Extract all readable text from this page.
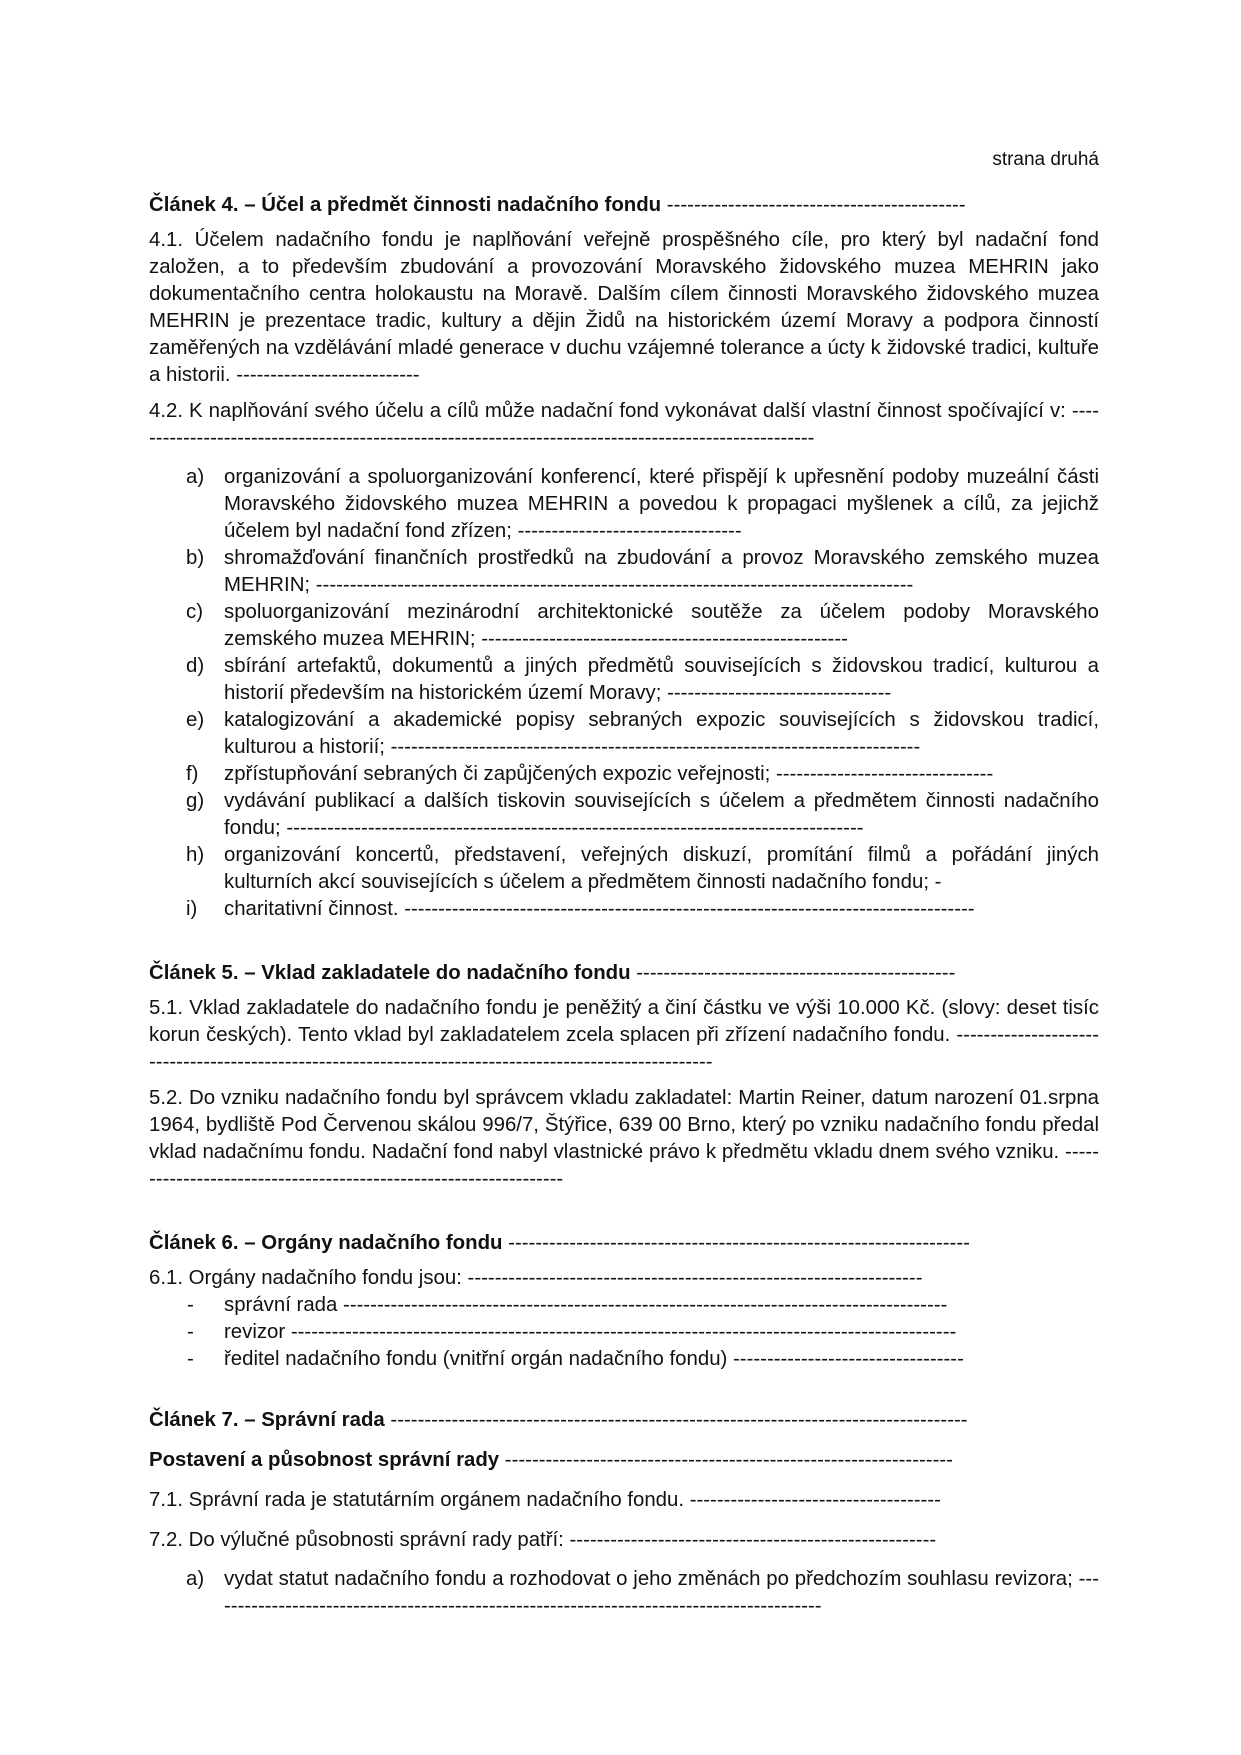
strana druhá
Článek 4. – Účel a předmět činnosti nadačního fondu --------------------------------------------

4.1. Účelem nadačního fondu je naplňování veřejně prospěšného cíle, pro který byl nadační fond založen, a to především zbudování a provozování Moravského židovského muzea MEHRIN jako dokumentačního centra holokaustu na Moravě. Dalším cílem činnosti Moravského židovského muzea MEHRIN je prezentace tradic, kultury a dějin Židů na historickém území Moravy a podpora činností zaměřených na vzdělávání mladé generace v duchu vzájemné tolerance a úcty k židovské tradici, kultuře a historii. ---------------------------

4.2. K naplňování svého účelu a cílů může nadační fond vykonávat další vlastní činnost spočívající v: ------------------------------------------------------------------------------------------------------

a) organizování a spoluorganizování konferencí, které přispějí k upřesnění podoby muzeální části Moravského židovského muzea MEHRIN a povedou k propagaci myšlenek a cílů, za jejichž účelem byl nadační fond zřízen; ---------------------------------
b) shromažďování finančních prostředků na zbudování a provoz Moravského zemského muzea MEHRIN; ----------------------------------------------------------------------------------------
c) spoluorganizování mezinárodní architektonické soutěže za účelem podoby Moravského zemského muzea MEHRIN; ------------------------------------------------------
d) sbírání artefaktů, dokumentů a jiných předmětů souvisejících s židovskou tradicí, kulturou a historií především na historickém území Moravy; ---------------------------------
e) katalogizování a akademické popisy sebraných expozic souvisejících s židovskou tradicí, kulturou a historií; ------------------------------------------------------------------------------
f) zpřístupňování sebraných či zapůjčených expozic veřejnosti; --------------------------------
g) vydávání publikací a dalších tiskovin souvisejících s účelem a předmětem činnosti nadačního fondu; -------------------------------------------------------------------------------------
h) organizování koncertů, představení, veřejných diskuzí, promítání filmů a pořádání jiných kulturních akcí souvisejících s účelem a předmětem činnosti nadačního fondu; -
i) charitativní činnost. ------------------------------------------------------------------------------------
Článek 5. – Vklad zakladatele do nadačního fondu -----------------------------------------------

5.1. Vklad zakladatele do nadačního fondu je peněžitý a činí částku ve výši 10.000 Kč. (slovy: deset tisíc korun českých). Tento vklad byl zakladatelem zcela splacen při zřízení nadačního fondu. --------------------------------------------------------------------------------------------------------

5.2. Do vzniku nadačního fondu byl správcem vkladu zakladatel: Martin Reiner, datum narození 01.srpna 1964, bydliště Pod Červenou skálou 996/7, Štýřice, 639 00 Brno, který po vzniku nadačního fondu předal vklad nadačnímu fondu. Nadační fond nabyl vlastnické právo k předmětu vkladu dnem svého vzniku. ------------------------------------------------------------------

Článek 6. – Orgány nadačního fondu --------------------------------------------------------------------

6.1. Orgány nadačního fondu jsou: -------------------------------------------------------------------

- správní rada -----------------------------------------------------------------------------------------
- revizor --------------------------------------------------------------------------------------------------
- ředitel nadačního fondu (vnitřní orgán nadačního fondu) ----------------------------------
Článek 7. – Správní rada -------------------------------------------------------------------------------------
Postavení a působnost správní rady ------------------------------------------------------------------

7.1. Správní rada je statutárním orgánem nadačního fondu. -------------------------------------

7.2. Do výlučné působnosti správní rady patří: ------------------------------------------------------

a) vydat statut nadačního fondu a rozhodovat o jeho změnách po předchozím souhlasu revizora; -------------------------------------------------------------------------------------------
